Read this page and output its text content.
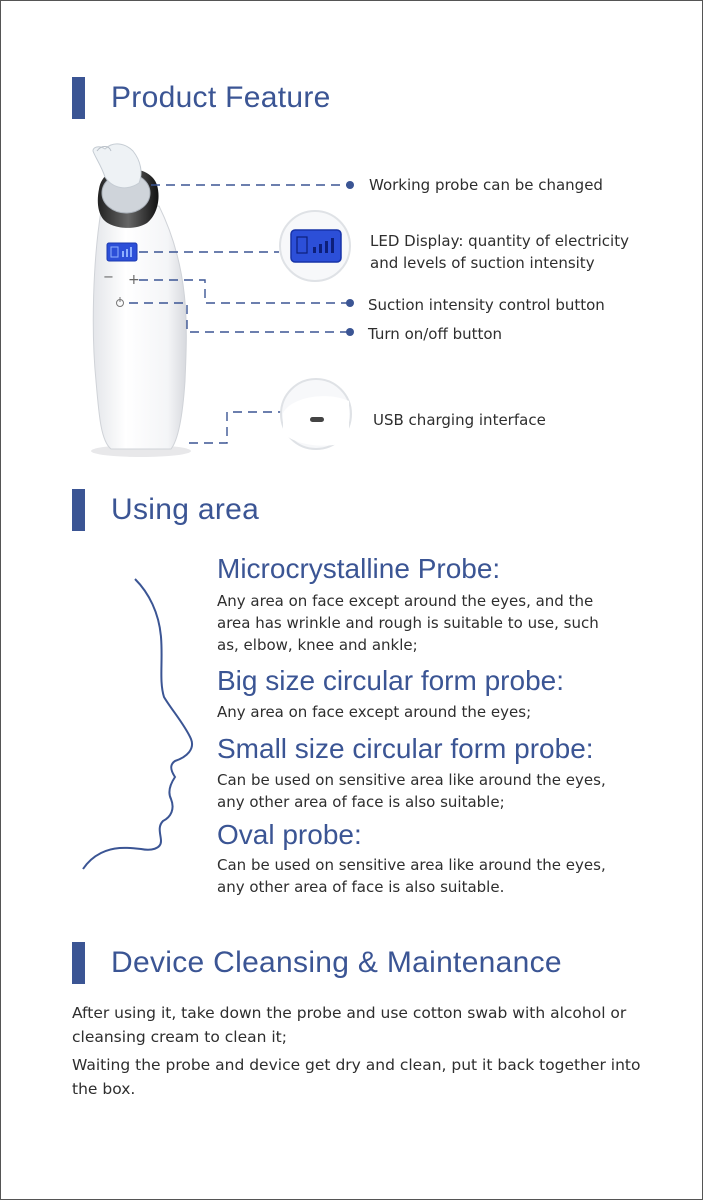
Product Feature
− +
Working probe can be changed
LED Display: quantity of electricity
and levels of suction intensity
Suction intensity control button
Turn on/off button
USB charging interface
Using area
Microcrystalline Probe:
Any area on face except around the eyes, and the
area has wrinkle and rough is suitable to use, such
as, elbow, knee and ankle;
Big size circular form probe:
Any area on face except around the eyes;
Small size circular form probe:
Can be used on sensitive area like around the eyes,
any other area of face is also suitable;
Oval probe:
Can be used on sensitive area like around the eyes,
any other area of face is also suitable.
Device Cleansing & Maintenance
After using it, take down the probe and use cotton swab with alcohol or
cleansing cream to clean it;
Waiting the probe and device get dry and clean, put it back together into
the box.
